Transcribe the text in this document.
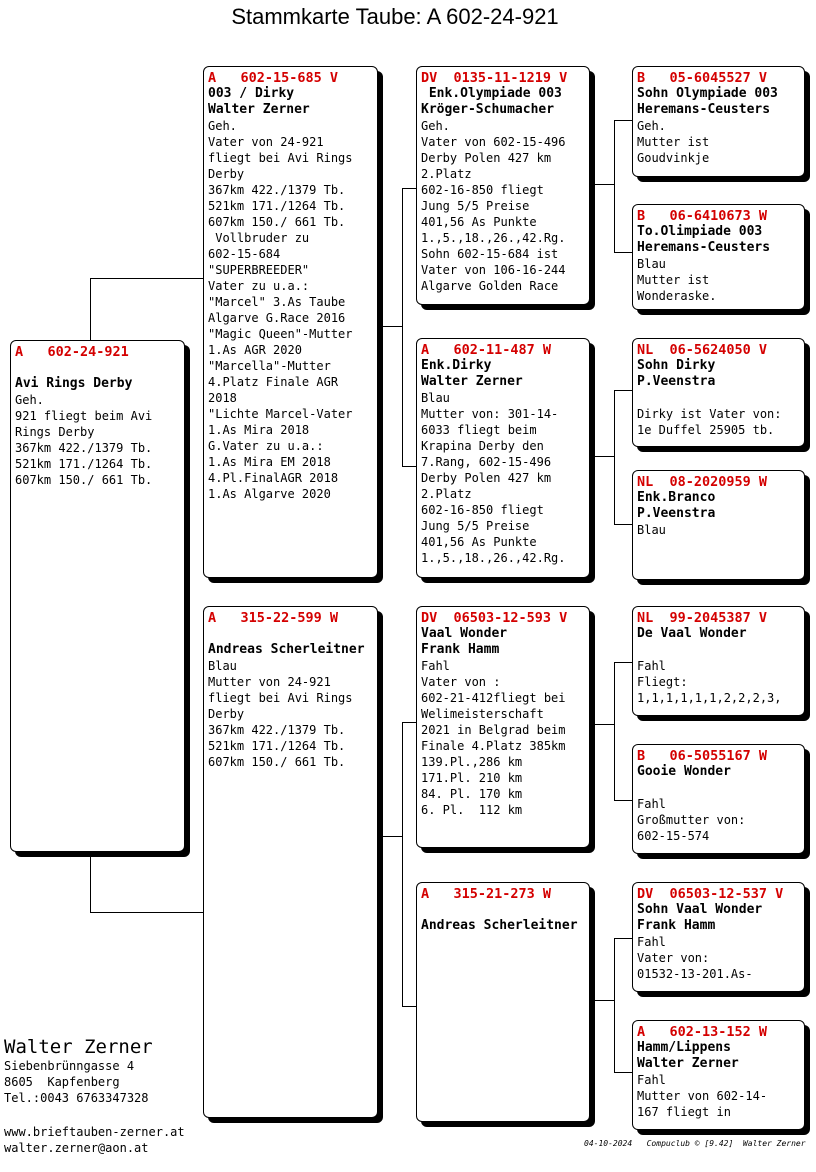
Stammkarte Taube: A 602-24-921
A   602-24-921
Avi Rings Derby
Geh.
921 fliegt beim Avi
Rings Derby
367km 422./1379 Tb.
521km 171./1264 Tb.
607km 150./ 661 Tb.
A   602-15-685 V
003 / Dirky
Walter Zerner
Geh.
Vater von 24-921
fliegt bei Avi Rings
Derby
367km 422./1379 Tb.
521km 171./1264 Tb.
607km 150./ 661 Tb.
Vollbruder zu
602-15-684
"SUPERBREEDER"
Vater zu u.a.:
"Marcel" 3.As Taube
Algarve G.Race 2016
"Magic Queen"-Mutter
1.As AGR 2020
"Marcella"-Mutter
4.Platz Finale AGR
2018
"Lichte Marcel-Vater
1.As Mira 2018
G.Vater zu u.a.:
1.As Mira EM 2018
4.Pl.FinalAGR 2018
1.As Algarve 2020
A   315-22-599 W
Andreas Scherleitner
Blau
Mutter von 24-921
fliegt bei Avi Rings
Derby
367km 422./1379 Tb.
521km 171./1264 Tb.
607km 150./ 661 Tb.
DV  0135-11-1219 V
Enk.Olympiade 003
Kröger-Schumacher
Geh.
Vater von 602-15-496
Derby Polen 427 km
2.Platz
602-16-850 fliegt
Jung 5/5 Preise
401,56 As Punkte
1.,5.,18.,26.,42.Rg.
Sohn 602-15-684 ist
Vater von 106-16-244
Algarve Golden Race
A   602-11-487 W
Enk.Dirky
Walter Zerner
Blau
Mutter von: 301-14-
6033 fliegt beim
Krapina Derby den
7.Rang, 602-15-496
Derby Polen 427 km
2.Platz
602-16-850 fliegt
Jung 5/5 Preise
401,56 As Punkte
1.,5.,18.,26.,42.Rg.
DV  06503-12-593 V
Vaal Wonder
Frank Hamm
Fahl
Vater von :
602-21-412fliegt bei
Welimeisterschaft
2021 in Belgrad beim
Finale 4.Platz 385km
139.Pl.,286 km
171.Pl. 210 km
84. Pl. 170 km
6. Pl.  112 km
A   315-21-273 W
Andreas Scherleitner
B   05-6045527 V
Sohn Olympiade 003
Heremans-Ceusters
Geh.
Mutter ist
Goudvinkje
B   06-6410673 W
To.Olimpiade 003
Heremans-Ceusters
Blau
Mutter ist
Wonderaske.
NL  06-5624050 V
Sohn Dirky
P.Veenstra
Dirky ist Vater von:
1e Duffel 25905 tb.
NL  08-2020959 W
Enk.Branco
P.Veenstra
Blau
NL  99-2045387 V
De Vaal Wonder
Fahl
Fliegt:
1,1,1,1,1,1,2,2,2,3,
B   06-5055167 W
Gooie Wonder
Fahl
Großmutter von:
602-15-574
DV  06503-12-537 V
Sohn Vaal Wonder
Frank Hamm
Fahl
Vater von:
01532-13-201.As-
A   602-13-152 W
Hamm/Lippens
Walter Zerner
Fahl
Mutter von 602-14-
167 fliegt in
Walter Zerner
Siebenbrünngasse 4
8605  Kapfenberg
Tel.:0043 6763347328
www.brieftauben-zerner.at
walter.zerner@aon.at	04-10-2024   Compuclub © [9.42]  Walter Zerner
